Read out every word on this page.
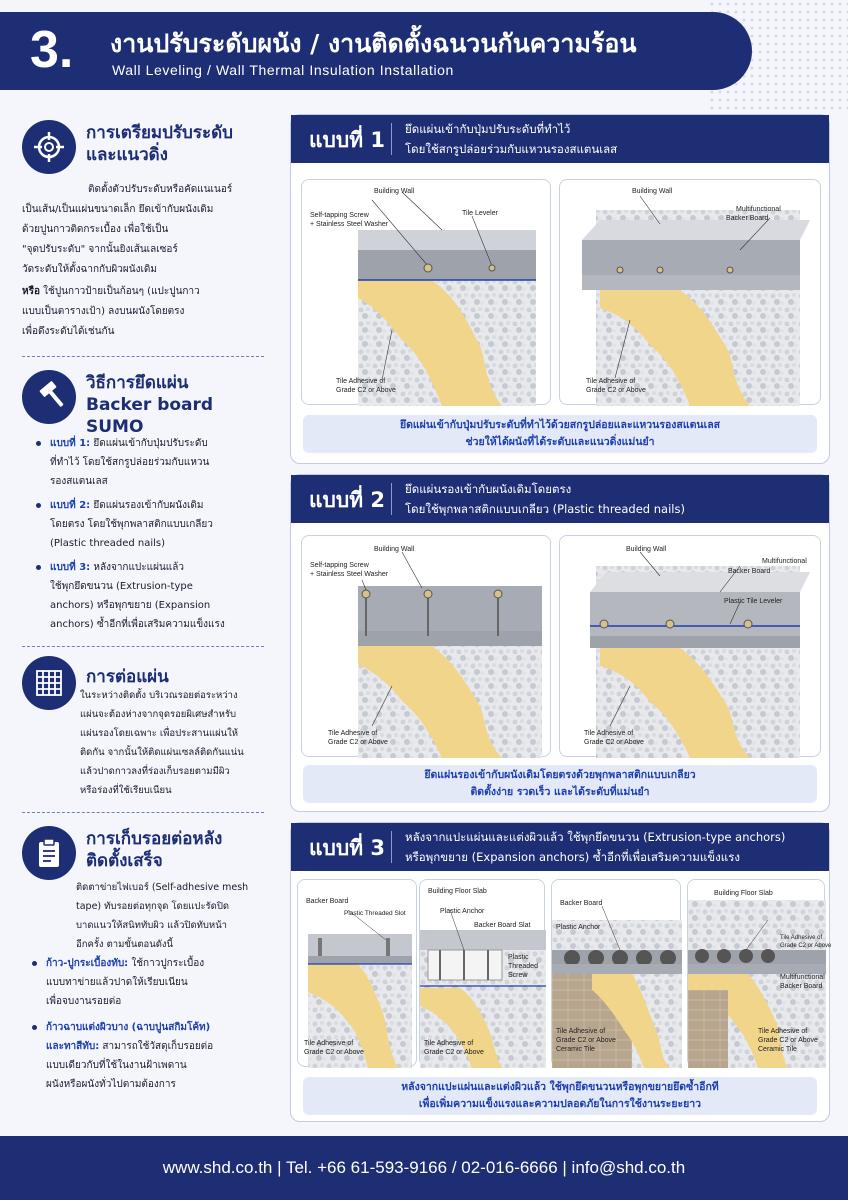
3. งานปรับระดับผนัง / งานติดตั้งฉนวนกันความร้อน
Wall Leveling / Wall Thermal Insulation Installation
การเตรียมปรับระดับ
และแนวดิ่ง
ติดตั้งตัวปรับระดับหรือคัดแนเนอร์
เป็นเส้น/เป็นแผ่นขนาดเล็ก ยึดเข้ากับผนังเดิม
ด้วยปูนกาวติดกระเบื้อง เพื่อใช้เป็น
"จุดปรับระดับ" จากนั้นยิงเส้นเลเซอร์
วัดระดับให้ตั้งฉากกับผิวผนังเดิม
หรือ ใช้ปูนกาวป้ายเป็นก้อนๆ (แปะปูนกาว
แบบเป็นตารางเป้า) ลงบนผนังโดยตรง
เพื่อดึงระดับได้เช่นกัน
วิธีการยึดแผ่น
Backer board SUMO
แบบที่ 1: ยึดแผ่นเข้ากับปุ่มปรับระดับ
ที่ทำไว้ โดยใช้สกรูปล่อยร่วมกับแหวน
รองสแตนเลส
แบบที่ 2: ยึดแผ่นรองเข้ากับผนังเดิม
โดยตรง โดยใช้พุกพลาสติกแบบเกลียว
(Plastic threaded nails)
แบบที่ 3: หลังจากแปะแผ่นแล้ว
ใช้พุกยึดขนวน (Extrusion-type
anchors) หรือพุกขยาย (Expansion
anchors) ซ้ำอีกที่เพื่อเสริมความแข็งแรง
การต่อแผ่น
ในระหว่างติดตั้ง บริเวณรอยต่อระหว่าง
แผ่นจะต้องห่างจากจุดรอยผิเศษสำหรับ
แผ่นรองโดยเฉพาะ เพื่อประสานแผ่นให้
ติดกัน จากนั้นให้ติดแผ่นเซลล์ติดกันแน่น
แล้วปาดกาวลงที่ร่องเก็บรอยตามมีผิว
หรือร่องที่ใช้เรียบเนียน
การเก็บรอยต่อหลัง
ติดตั้งเสร็จ
ติดตาข่ายไฟเบอร์ (Self-adhesive mesh
tape) ทับรอยต่อทุกจุด โดยแปะรัดปิด
บาดแนวให้สนิททับผิว แล้วปิดทับหน้า
อีกครั้ง ตามขั้นตอนดังนี้
ก้าว-ปูกระเบื้องทับ: ใช้กาวปูกระเบื้อง
แบบทาข่ายแล้วปาดให้เรียบเนียน
เพื่อจบงานรอยต่อ
ก้าวฉาบแต่งผิวบาง (ฉาบปูนสกิมโค้ท)
และทาสีทับ: สามารถใช้วัสดุเก็บรอยต่อ
แบบเดียวกับที่ใช้ในงานฝ้าเพดาน
ผนังหรือผนังทั่วไปตามต้องการ
แบบที่ 1 ยึดแผ่นเข้ากับปุ่มปรับระดับที่ทำไว้
โดยใช้สกรูปล่อยร่วมกับแหวนรองสแตนเลส
Building Wall
Self-tapping Screw
+ Stainless Steel Washer
Tile Leveler
Tile Adhesive of
Grade C2 or Above
Building Wall
Multifunctional
Backer Board
Tile Adhesive of
Grade C2 or Above
ยึดแผ่นเข้ากับปุ่มปรับระดับที่ทำไว้ด้วยสกรูปล่อยและแหวนรองสแตนเลส
ช่วยให้ได้ผนังที่ได้ระดับและแนวดิ่งแม่นยำ
แบบที่ 2 ยึดแผ่นรองเข้ากับผนังเดิมโดยตรง
โดยใช้พุกพลาสติกแบบเกลียว (Plastic threaded nails)
Building Wall
Self-tapping Screw
+ Stainless Steel Washer
Tile Adhesive of
Grade C2 or Above
Building Wall
Multifunctional
Backer Board
Plastic Tile Leveler
Tile Adhesive of
Grade C2 or Above
ยึดแผ่นรองเข้ากับผนังเดิมโดยตรงด้วยพุกพลาสติกแบบเกลียว
ติดตั้งง่าย รวดเร็ว และได้ระดับที่แม่นยำ
แบบที่ 3 หลังจากแปะแผ่นและแต่งผิวแล้ว ใช้พุกยึดขนวน (Extrusion-type anchors)
หรือพุกขยาย (Expansion anchors) ซ้ำอีกที่เพื่อเสริมความแข็งแรง
Backer Board
Plastic Threaded Slot
Tile Adhesive of
Grade C2 or Above
Building Floor Slab
Plastic Anchor
Backer Board Slat
Plastic
Threaded
Screw
Tile Adhesive of
Grade C2 or Above
Backer Board
Plastic Anchor
Tile Adhesive of
Grade C2 or Above
Ceramic Tile
Building Floor Slab
Tile Adhesive of
Grade C2 or Above
Multifunctional
Backer Board
Tile Adhesive of
Grade C2 or Above
Ceramic Tile
หลังจากแปะแผ่นและแต่งผิวแล้ว ใช้พุกยึดขนวนหรือพุกขยายยึดซ้ำอีกที
เพื่อเพิ่มความแข็งแรงและความปลอดภัยในการใช้งานระยะยาว
www.shd.co.th | Tel. +66 61-593-9166 / 02-016-6666 | info@shd.co.th
